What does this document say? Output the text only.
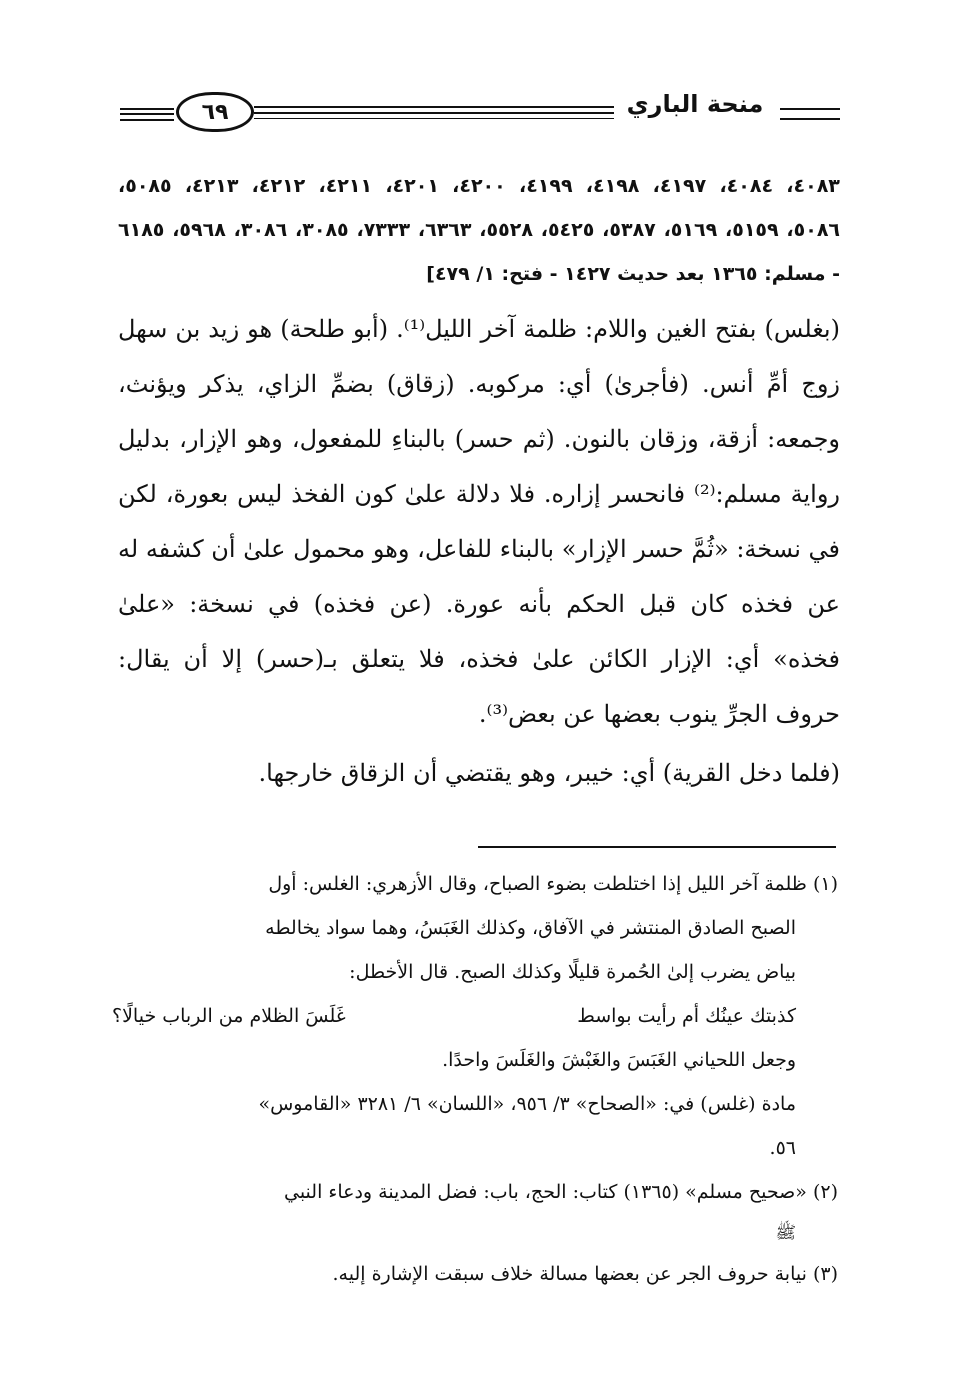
٦٩	منحة الباري
٤٠٨٣، ٤٠٨٤، ٤١٩٧، ٤١٩٨، ٤١٩٩، ٤٢٠٠، ٤٢٠١، ٤٢١١، ٤٢١٢، ٤٢١٣، ٥٠٨٥،
٥٠٨٦، ٥١٥٩، ٥١٦٩، ٥٣٨٧، ٥٤٢٥، ٥٥٢٨، ٦٣٦٣، ٧٣٣٣، ٣٠٨٥، ٣٠٨٦، ٥٩٦٨، ٦١٨٥
- مسلم: ١٣٦٥ بعد حديث ١٤٢٧ - فتح: ١/ ٤٧٩]

(بغلس) بفتح الغين واللام: ظلمة آخر الليل⁽¹⁾. (أبو طلحة) هو زيد بن سهل زوج أمِّ أنس. (فأجرىٰ) أي: مركوبه. (زقاق) بضمِّ الزاي، يذكر ويؤنث، وجمعه: أزقة، وزقان بالنون. (ثم حسر) بالبناءِ للمفعول، وهو الإزار، بدليل رواية مسلم:⁽²⁾ فانحسر إزاره. فلا دلالة علىٰ كون الفخذ ليس بعورة، لكن في نسخة: «ثُمَّ حسر الإزار» بالبناء للفاعل، وهو محمول علىٰ أن كشفه له عن فخذه كان قبل الحكم بأنه عورة. (عن فخذه) في نسخة: «علىٰ فخذه» أي: الإزار الكائن علىٰ فخذه، فلا يتعلق بـ(حسر) إلا أن يقال: حروف الجرِّ ينوب بعضها عن بعض⁽³⁾.

(فلما دخل القرية) أي: خيبر، وهو يقتضي أن الزقاق خارجها.

(١) ظلمة آخر الليل إذا اختلطت بضوء الصباح، وقال الأزهري: الغلس: أول

الصبح الصادق المنتشر في الآفاق، وكذلك الغَبَسُ، وهما سواد يخالطه

بياض يضرب إلىٰ الحُمرة قليلًا وكذلك الصبح. قال الأخطل:

كذبتك عينُك أم رأيت بواسط
غَلَسَ الظلام من الرباب خيالًا؟

وجعل اللحياني الغَبَسَ والغَبْشَ والغَلَسَ واحدًا.

مادة (غلس) في: «الصحاح» ٣/ ٩٥٦، «اللسان» ٦/ ٣٢٨١ «القاموس»

٥٦.

(٢) «صحيح مسلم» (١٣٦٥) كتاب: الحج، باب: فضل المدينة ودعاء النبي

ﷺ

(٣) نيابة حروف الجر عن بعضها مسالة خلاف سبقت الإشارة إليه.
